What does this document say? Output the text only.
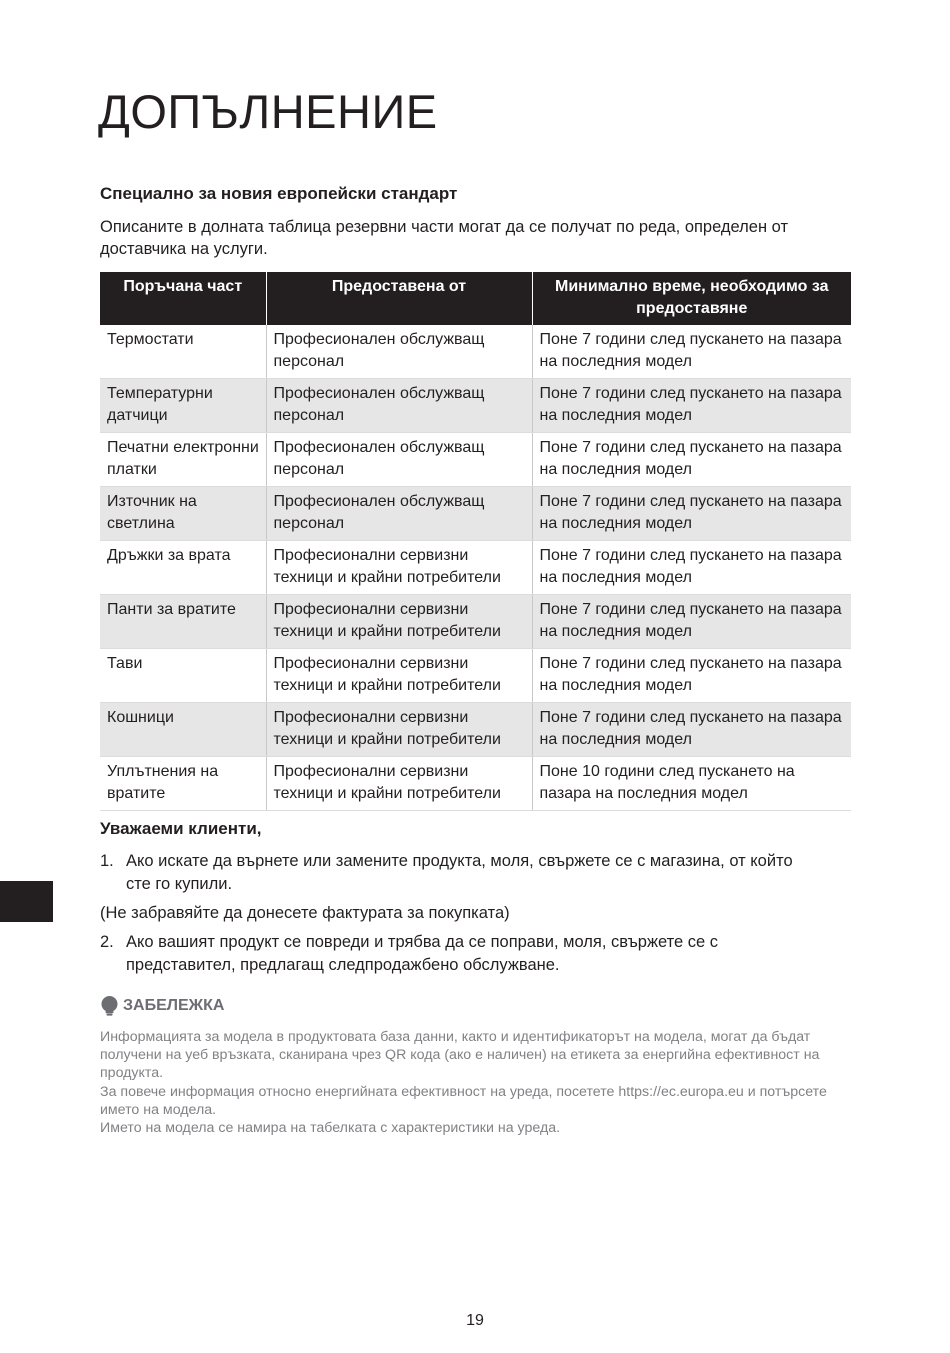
ДОПЪЛНЕНИЕ
Специално за новия европейски стандарт

Описаните в долната таблица резервни части могат да се получат по реда, определен от доставчика на услуги.

Поръчана част	Предоставена от	Минимално време, необходимо за предоставяне
Термостати	Професионален обслужващ персонал	Поне 7 години след пускането на пазара на последния модел
Температурни датчици	Професионален обслужващ персонал	Поне 7 години след пускането на пазара на последния модел
Печатни електронни платки	Професионален обслужващ персонал	Поне 7 години след пускането на пазара на последния модел
Източник на светлина	Професионален обслужващ персонал	Поне 7 години след пускането на пазара на последния модел
Дръжки за врата	Професионални сервизни техници и крайни потребители	Поне 7 години след пускането на пазара на последния модел
Панти за вратите	Професионални сервизни техници и крайни потребители	Поне 7 години след пускането на пазара на последния модел
Тави	Професионални сервизни техници и крайни потребители	Поне 7 години след пускането на пазара на последния модел
Кошници	Професионални сервизни техници и крайни потребители	Поне 7 години след пускането на пазара на последния модел
Уплътнения на вратите	Професионални сервизни техници и крайни потребители	Поне 10 години след пускането на пазара на последния модел
Уважаеми клиенти,
1. Ако искате да върнете или замените продукта, моля, свържете се с магазина, от който сте го купили.
(Не забравяйте да донесете фактурата за покупката)
2. Ако вашият продукт се повреди и трябва да се поправи, моля, свържете се с представител, предлагащ следпродажбено обслужване.
ЗАБЕЛЕЖКА

Информацията за модела в продуктовата база данни, както и идентификаторът на модела, могат да бъдат получени на уеб връзката, сканирана чрез QR кода (ако е наличен) на етикета за енергийна ефективност на продукта.

За повече информация относно енергийната ефективност на уреда, посетете https://ec.europa.eu и потърсете името на модела.

Името на модела се намира на табелката с характеристики на уреда.

19
